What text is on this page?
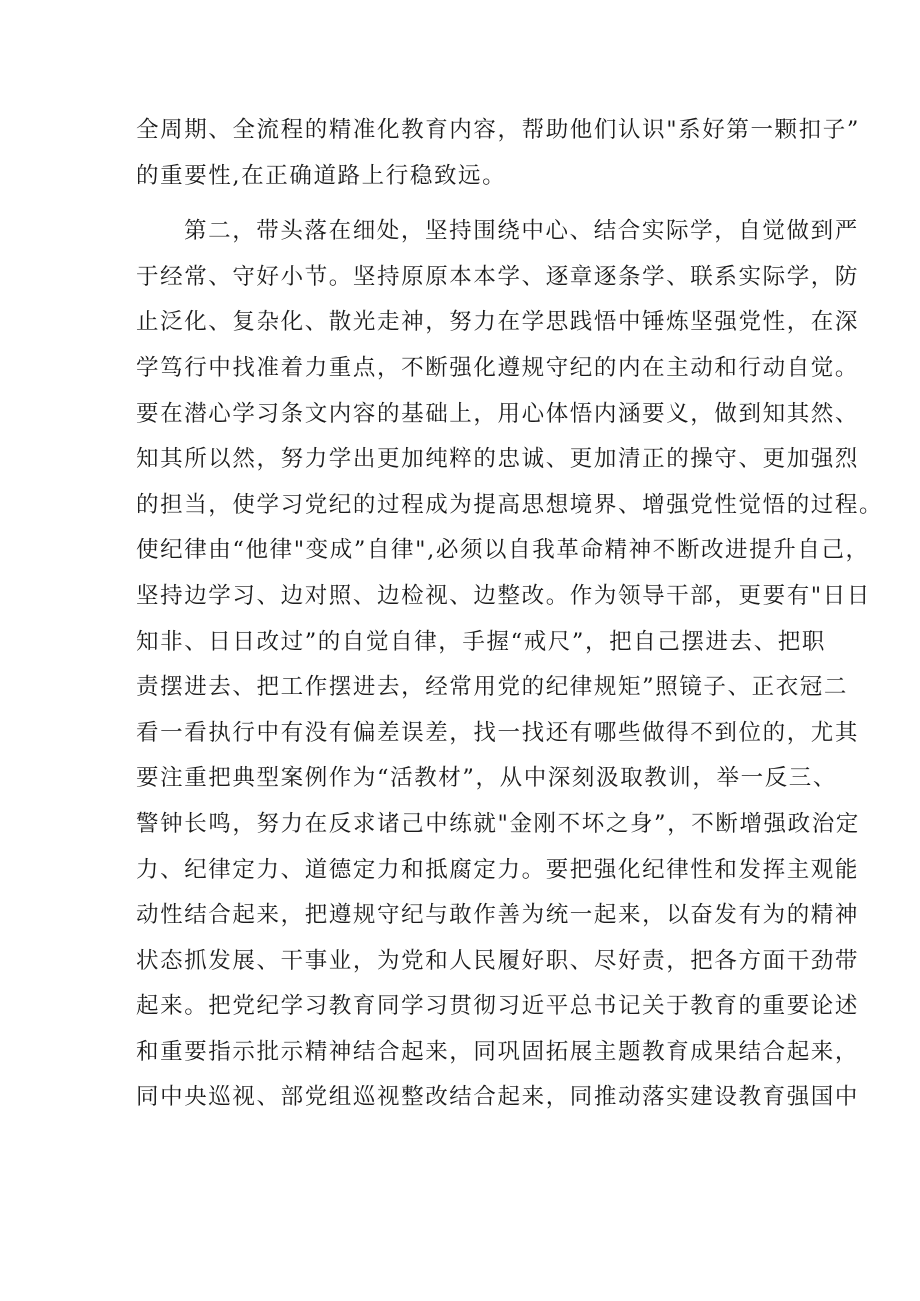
全周期、全流程的精准化教育内容，帮助他们认识"系好第一颗扣子”
的重要性,在正确道路上行稳致远。
第二，带头落在细处，坚持围绕中心、结合实际学，自觉做到严
于经常、守好小节。坚持原原本本学、逐章逐条学、联系实际学，防
止泛化、复杂化、散光走神，努力在学思践悟中锤炼坚强党性，在深
学笃行中找准着力重点，不断强化遵规守纪的内在主动和行动自觉。
要在潜心学习条文内容的基础上，用心体悟内涵要义，做到知其然、
知其所以然，努力学出更加纯粹的忠诚、更加清正的操守、更加强烈
的担当，使学习党纪的过程成为提高思想境界、增强党性觉悟的过程。
使纪律由“他律"变成”自律",必须以自我革命精神不断改进提升自己，
坚持边学习、边对照、边检视、边整改。作为领导干部，更要有"日日
知非、日日改过”的自觉自律，手握“戒尺”，把自己摆进去、把职
责摆进去、把工作摆进去，经常用党的纪律规矩”照镜子、正衣冠二
看一看执行中有没有偏差误差，找一找还有哪些做得不到位的，尤其
要注重把典型案例作为“活教材”，从中深刻汲取教训，举一反三、
警钟长鸣，努力在反求诸己中练就"金刚不坏之身”，不断增强政治定
力、纪律定力、道德定力和抵腐定力。要把强化纪律性和发挥主观能
动性结合起来，把遵规守纪与敢作善为统一起来，以奋发有为的精神
状态抓发展、干事业，为党和人民履好职、尽好责，把各方面干劲带
起来。把党纪学习教育同学习贯彻习近平总书记关于教育的重要论述
和重要指示批示精神结合起来，同巩固拓展主题教育成果结合起来，
同中央巡视、部党组巡视整改结合起来，同推动落实建设教育强国中
